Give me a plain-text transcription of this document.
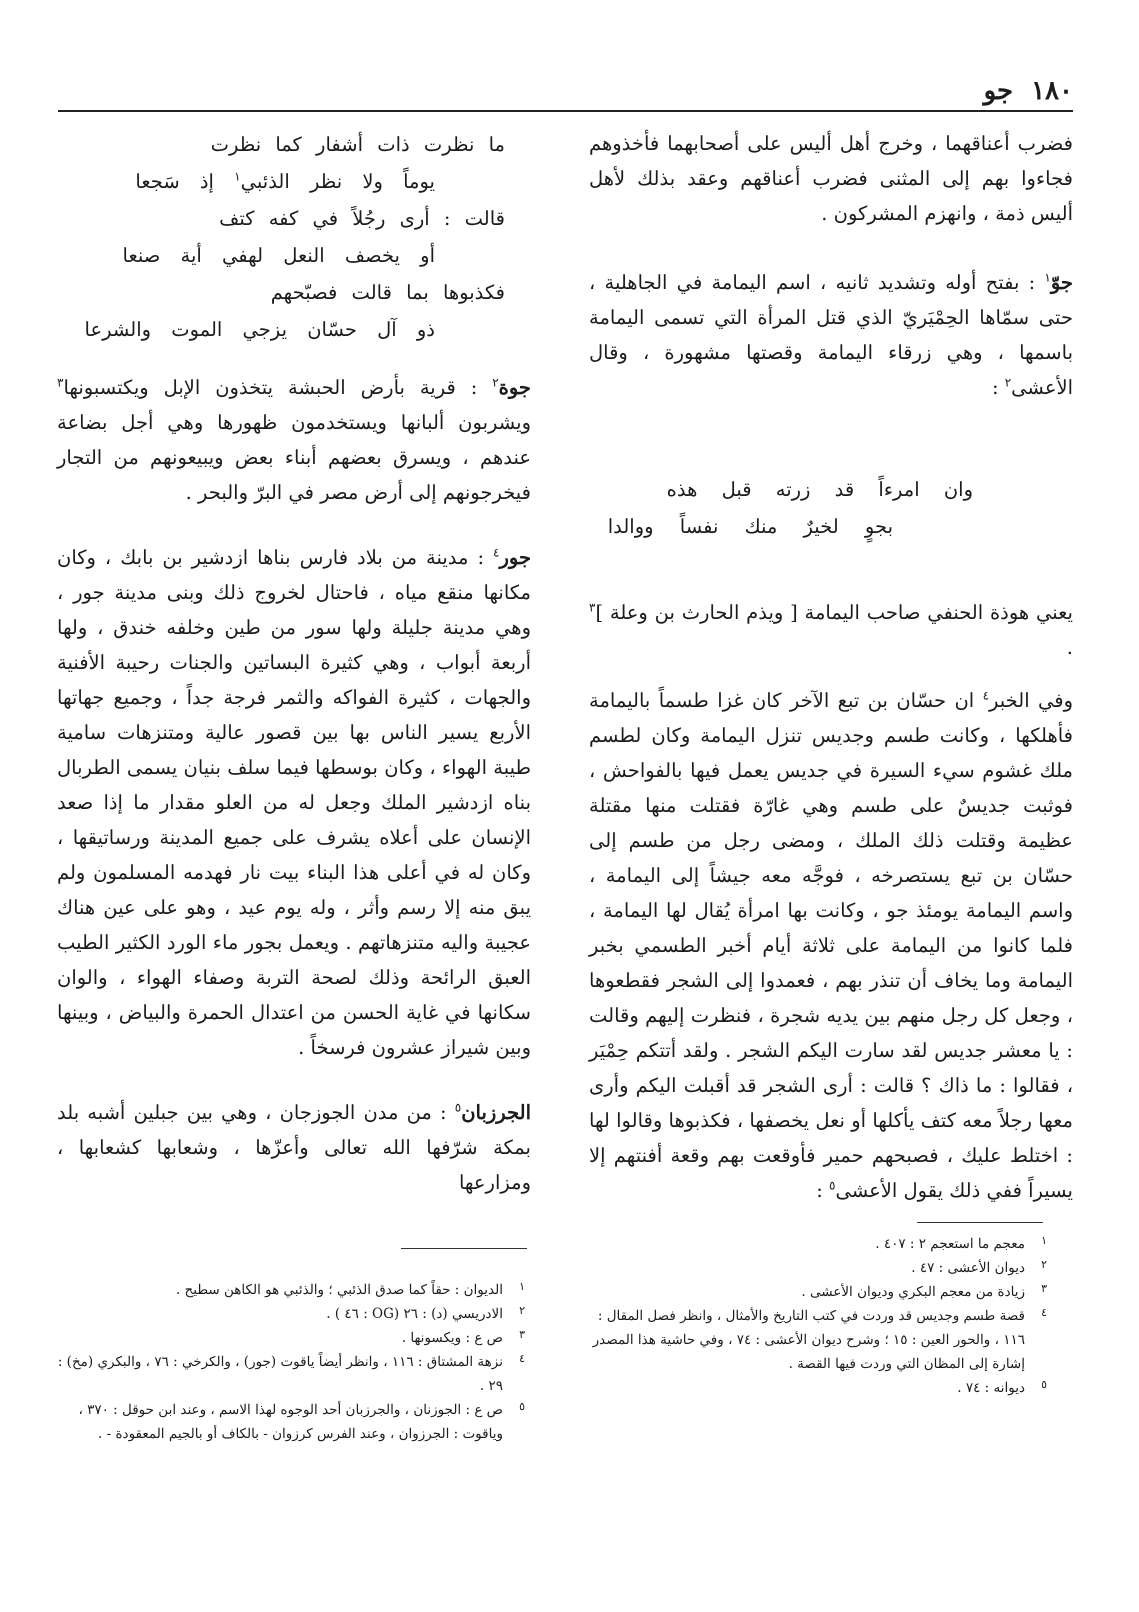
١٨٠
جو

فضرب أعناقهما ، وخرج أهل أليس على أصحابهما فأخذوهم فجاءوا بهم إلى المثنى فضرب أعناقهم وعقد بذلك لأهل أليس ذمة ، وانهزم المشركون .

جوّ$^١$ : بفتح أوله وتشديد ثانيه ، اسم اليمامة في الجاهلية ، حتى سمّاها الحِمْيَريّ الذي قتل المرأة التي تسمى اليمامة باسمها ، وهي زرقاء اليمامة وقصتها مشهورة ، وقال الأعشى$^٢$ :

وان امرءاً قد زرته قبل هذه
بجوٍ لخيرٌ منك نفساً ووالدا

يعني هوذة الحنفي صاحب اليمامة [ ويذم الحارث بن وعلة ]$^٣$ .

وفي الخبر$^٤$ ان حسّان بن تبع الآخر كان غزا طسماً باليمامة فأهلكها ، وكانت طسم وجديس تنزل اليمامة وكان لطسم ملك غشوم سيء السيرة في جديس يعمل فيها بالفواحش ، فوثبت جديسٌ على طسم وهي غارّة فقتلت منها مقتلة عظيمة وقتلت ذلك الملك ، ومضى رجل من طسم إلى حسّان بن تبع يستصرخه ، فوجَّه معه جيشاً إلى اليمامة ، واسم اليمامة يومئذ جو ، وكانت بها امرأة يُقال لها اليمامة ، فلما كانوا من اليمامة على ثلاثة أيام أخبر الطسمي بخبر اليمامة وما يخاف أن تنذر بهم ، فعمدوا إلى الشجر فقطعوها ، وجعل كل رجل منهم بين يديه شجرة ، فنظرت إليهم وقالت : يا معشر جديس لقد سارت اليكم الشجر . ولقد أتتكم حِمْيَر ، فقالوا : ما ذاك ؟ قالت : أرى الشجر قد أقبلت اليكم وأرى معها رجلاً معه كتف يأكلها أو نعل يخصفها ، فكذبوها وقالوا لها : اختلط عليك ، فصبحهم حمير فأوقعت بهم وقعة أفنتهم إلا يسيراً ففي ذلك يقول الأعشى$^٥$ :

ما نظرت ذات أشفار كما نظرت
يوماً ولا نظر الذئبي$^١$ إذ سَجعا
قالت : أرى رجُلاً في كفه كتف
أو يخصف النعل لهفي أية صنعا
فكذبوها بما قالت فصبّحهم
ذو آل حسّان يزجي الموت والشرعا

جوة$^٢$ : قرية بأرض الحبشة يتخذون الإبل ويكتسبونها$^٣$ ويشربون ألبانها ويستخدمون ظهورها وهي أجل بضاعة عندهم ، ويسرق بعضهم أبناء بعض ويبيعونهم من التجار فيخرجونهم إلى أرض مصر في البرّ والبحر .

جور$^٤$ : مدينة من بلاد فارس بناها ازدشير بن بابك ، وكان مكانها منقع مياه ، فاحتال لخروج ذلك وبنى مدينة جور ، وهي مدينة جليلة ولها سور من طين وخلفه خندق ، ولها أربعة أبواب ، وهي كثيرة البساتين والجنات رحيبة الأفنية والجهات ، كثيرة الفواكه والثمر فرجة جداً ، وجميع جهاتها الأربع يسير الناس بها بين قصور عالية ومتنزهات سامية طيبة الهواء ، وكان بوسطها فيما سلف بنيان يسمى الطربال بناه ازدشير الملك وجعل له من العلو مقدار ما إذا صعد الإنسان على أعلاه يشرف على جميع المدينة ورساتيقها ، وكان له في أعلى هذا البناء بيت نار فهدمه المسلمون ولم يبق منه إلا رسم وأثر ، وله يوم عيد ، وهو على عين هناك عجيبة واليه متنزهاتهم . ويعمل بجور ماء الورد الكثير الطيب العبق الرائحة وذلك لصحة التربة وصفاء الهواء ، والوان سكانها في غاية الحسن من اعتدال الحمرة والبياض ، وبينها وبين شيراز عشرون فرسخاً .

الجرزبان$^٥$ : من مدن الجوزجان ، وهي بين جبلين أشبه بلد بمكة شرّفها الله تعالى وأعزّها ، وشعابها كشعابها ، ومزارعها

١
معجم ما استعجم ٢ : ٤٠٧ .
٢
ديوان الأعشى : ٤٧ .
٣
زيادة من معجم البكري وديوان الأعشى .
٤
قصة طسم وجديس قد وردت في كتب التاريخ والأمثال ، وانظر فصل المقال : ١١٦ ، والحور العين : ١٥ ؛ وشرح ديوان الأعشى : ٧٤ ، وفي حاشية هذا المصدر إشارة إلى المظان التي وردت فيها القصة .
٥
ديوانه : ٧٤ .
١
الديوان : حقاً كما صدق الذئبي ؛ والذئبي هو الكاهن سطيح .
٢
الادريسي (د) : ٢٦ (OG : ٤٦ ) .
٣
ص ع : ويكسونها .
٤
نزهة المشتاق : ١١٦ ، وانظر أيضاً ياقوت (جور) ، والكرخي : ٧٦ ، والبكري (مخ) : ٢٩ .
٥
ص ع : الجوزنان ، والجرزبان أحد الوجوه لهذا الاسم ، وعند ابن حوقل : ٣٧٠ ، وياقوت : الجرزوان ، وعند الفرس كرزوان - بالكاف أو بالجيم المعقودة - .
